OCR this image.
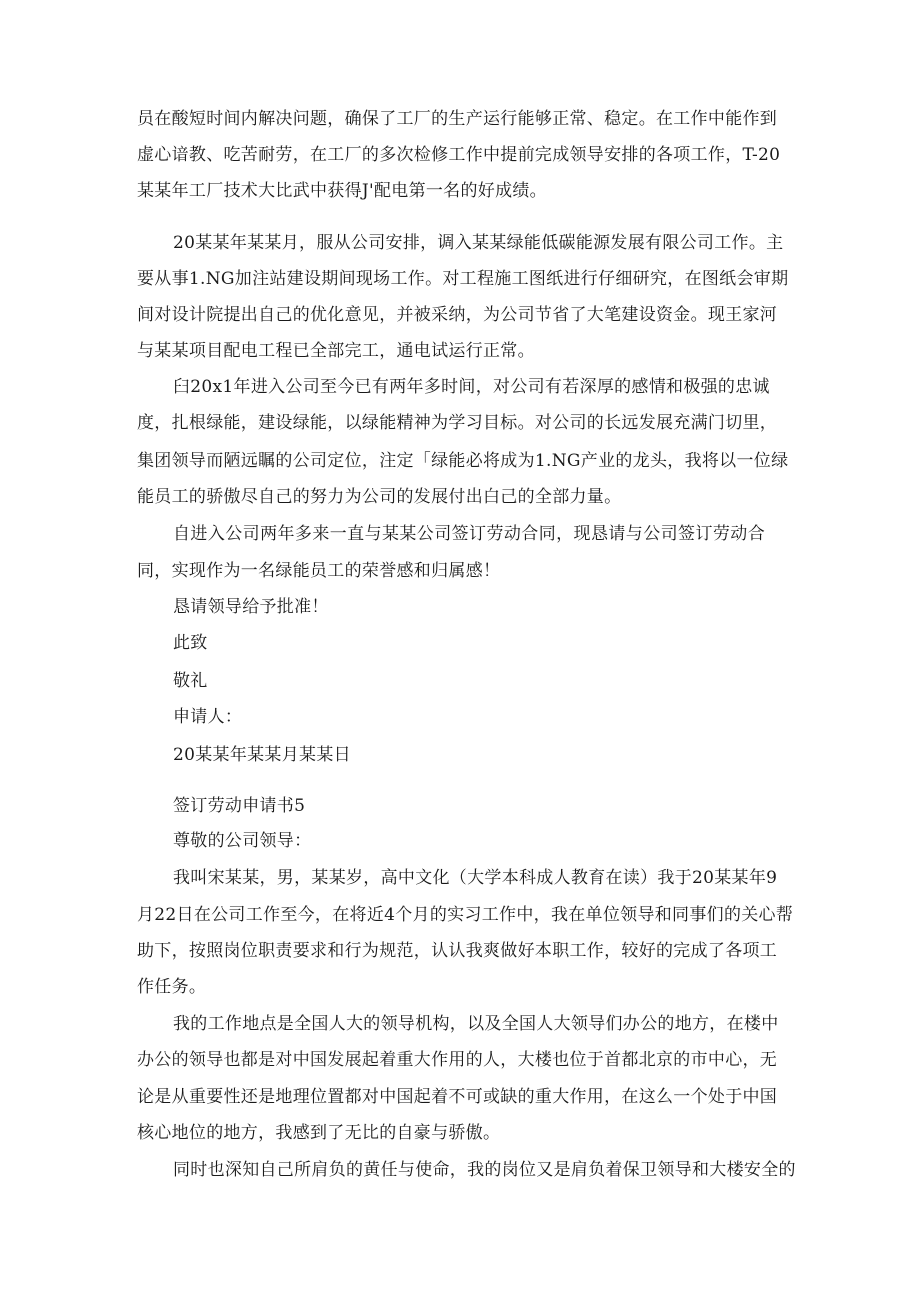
员在酸短时间内解决问题，确保了工厂的生产运行能够正常、稳定。在工作中能作到

虚心谙教、吃苦耐劳，在工厂的多次检修工作中提前完成领导安排的各项工作，T-20

某某年工厂技术大比武中获得J'配电第一名的好成绩。

20某某年某某月，服从公司安排，调入某某绿能低碳能源发展有限公司工作。主

要从事1.NG加注站建设期间现场工作。对工程施工图纸进行仔细研究，在图纸会审期

间对设计院提出自己的优化意见，并被采纳，为公司节省了大笔建设资金。现王家河

与某某项目配电工程已全部完工，通电试运行正常。

臼20x1年进入公司至今已有两年多时间，对公司有若深厚的感情和极强的忠诚

度，扎根绿能，建设绿能，以绿能精神为学习目标。对公司的长远发展充满门切里，

集团领导而陋远瞩的公司定位，注定「绿能必将成为1.NG产业的龙头，我将以一位绿

能员工的骄傲尽自己的努力为公司的发展付出白己的全部力量。

自进入公司两年多来一直与某某公司签订劳动合同，现恳请与公司签订劳动合

同，实现作为一名绿能员工的荣誉感和归属感！

恳请领导给予批准！

此致

敬礼

申请人：

20某某年某某月某某日

签订劳动申请书5

尊敬的公司领导：

我叫宋某某，男，某某岁，高中文化（大学本科成人教育在读）我于20某某年9

月22日在公司工作至今，在将近4个月的实习工作中，我在单位领导和同事们的关心帮

助下，按照岗位职责要求和行为规范，认认我爽做好本职工作，较好的完成了各项工

作任务。

我的工作地点是全国人大的领导机构，以及全国人大领导们办公的地方，在楼中

办公的领导也都是对中国发展起着重大作用的人，大楼也位于首都北京的市中心，无

论是从重要性还是地理位置都对中国起着不可或缺的重大作用，在这么一个处于中国

核心地位的地方，我感到了无比的自豪与骄傲。

同时也深知自己所肩负的黄任与使命，我的岗位又是肩负着保卫领导和大楼安全的
